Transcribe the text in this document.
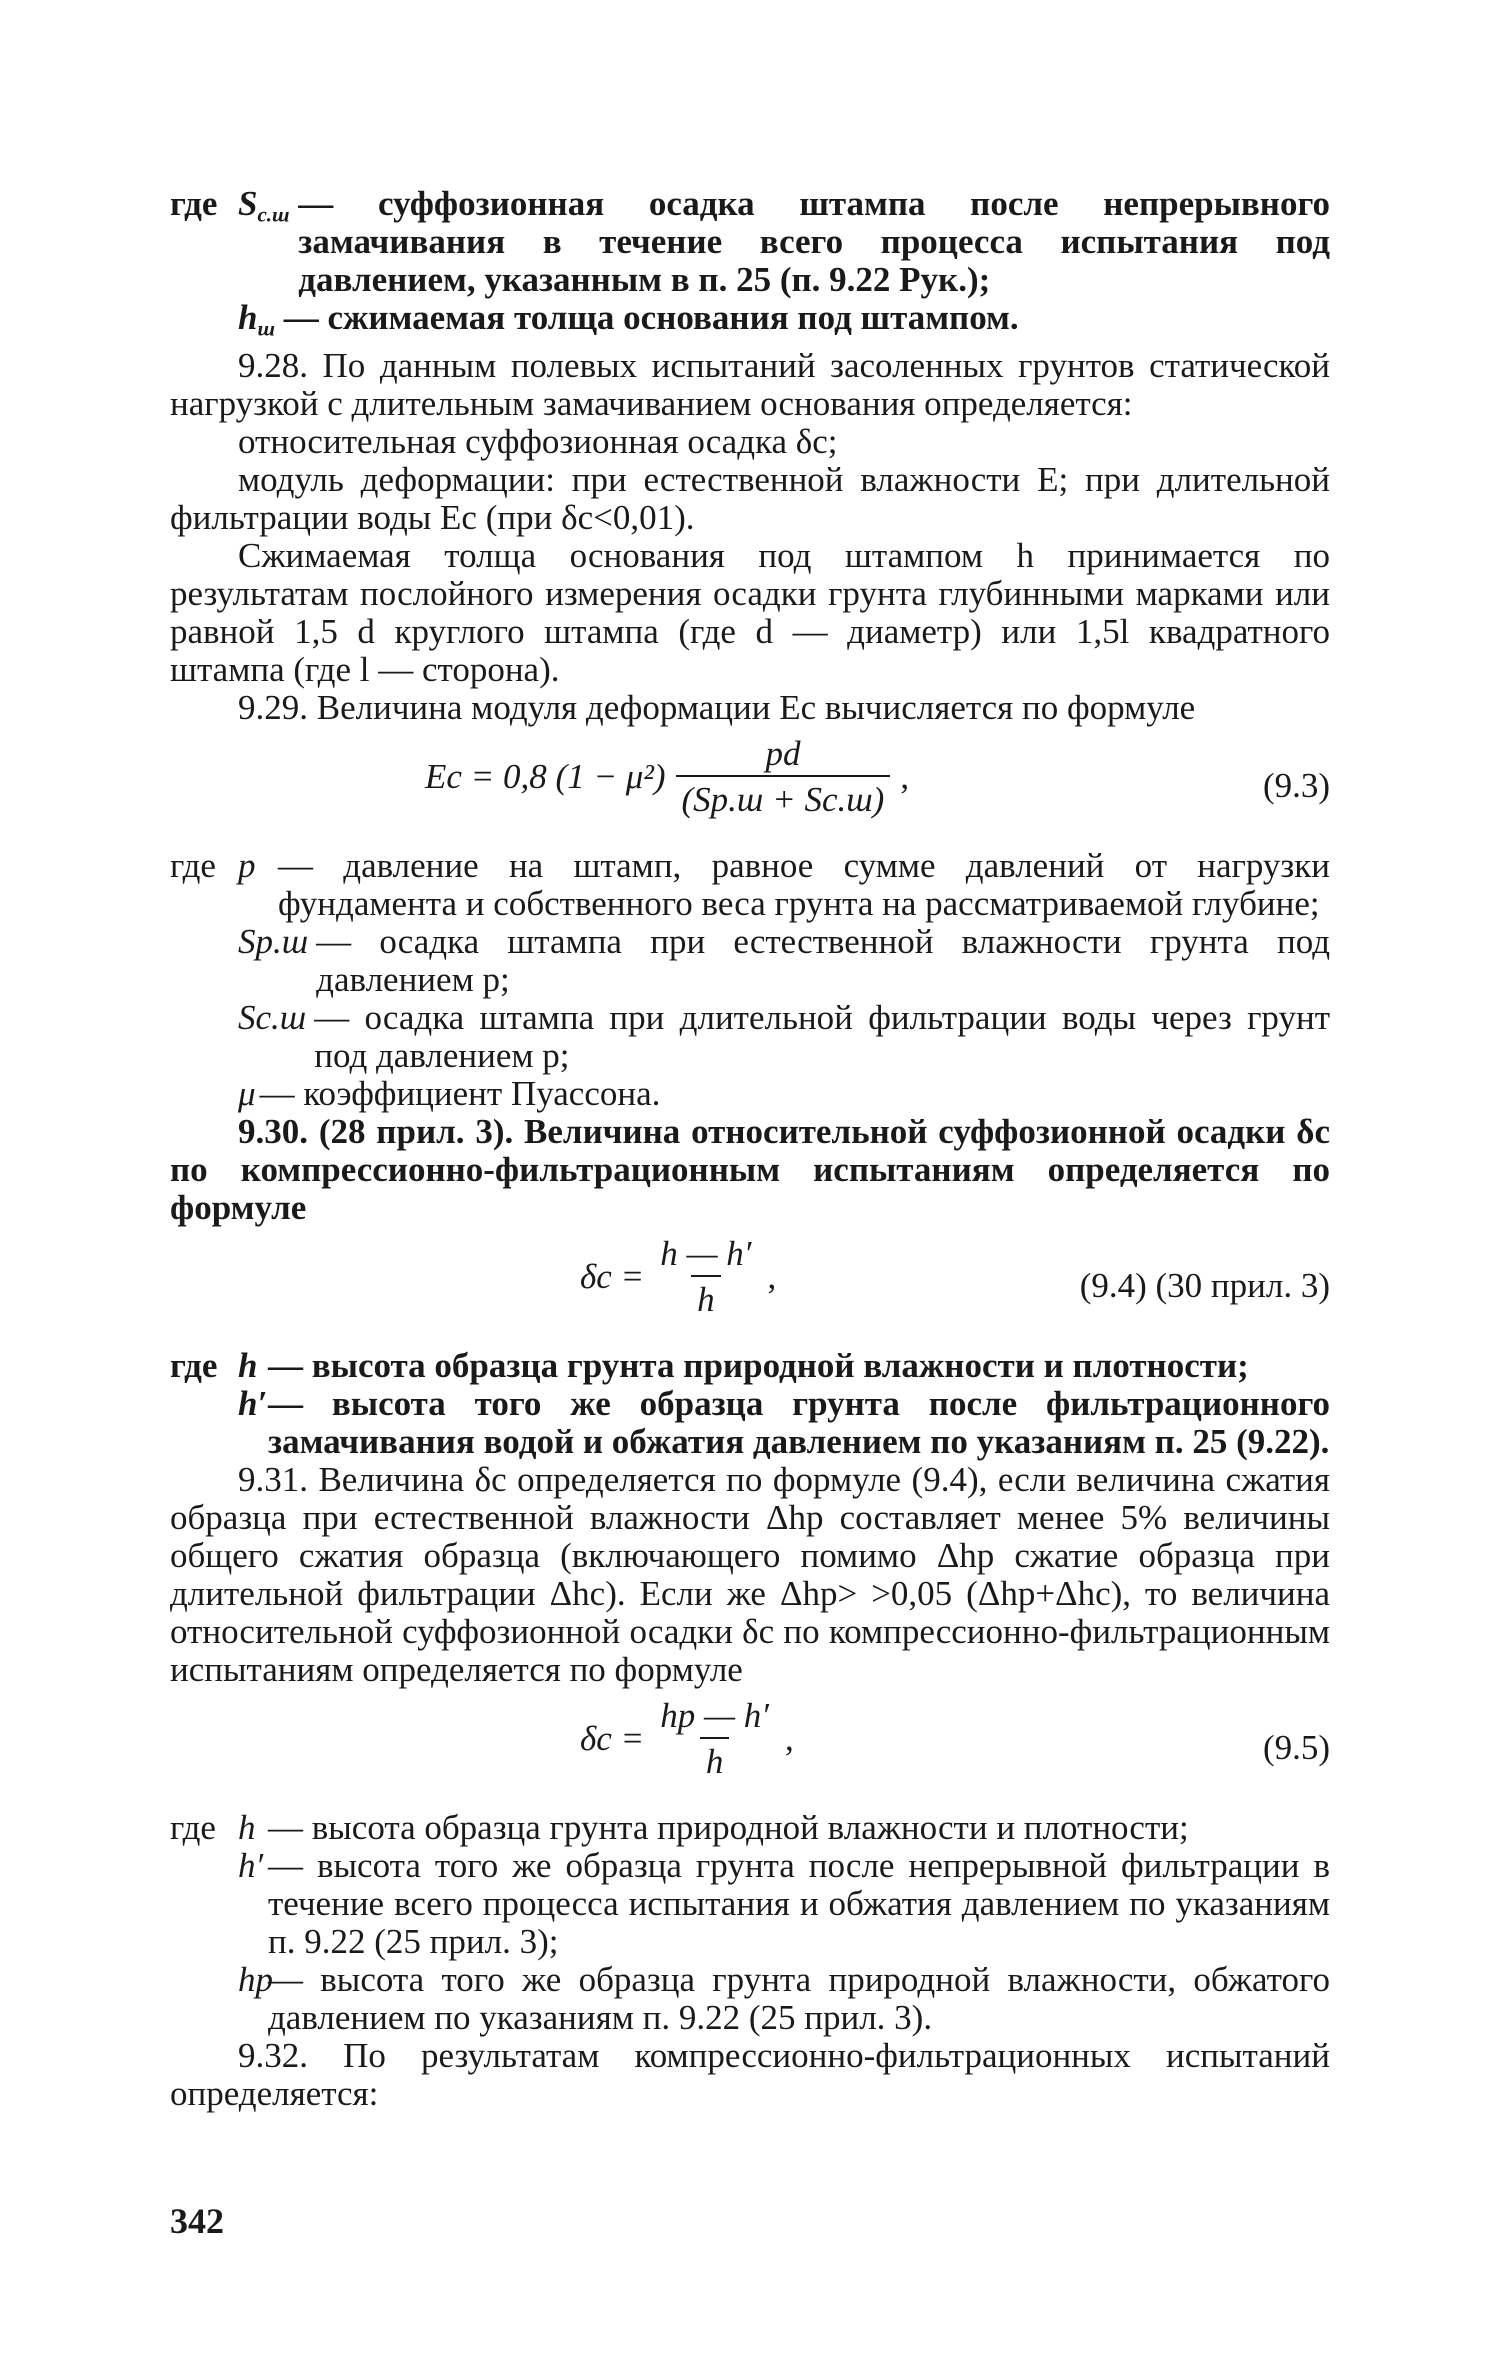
где $S_{с.ш}$ — суффозионная осадка штампа после непрерывного замачивания в течение всего процесса испытания под давлением, указанным в п. 25 (п. 9.22 Рук.);
$h_ш$ — сжимаемая толща основания под штампом.

9.28. По данным полевых испытаний засоленных грунтов статической нагрузкой с длительным замачиванием основания определяется:

относительная суффозионная осадка δс;

модуль деформации: при естественной влажности E; при длительной фильтрации воды Ec (при δc<0,01).

Сжимаемая толща основания под штампом h принимается по результатам послойного измерения осадки грунта глубинными марками или равной 1,5 d круглого штампа (где d — диаметр) или 1,5l квадратного штампа (где l — сторона).

9.29. Величина модуля деформации Ec вычисляется по формуле

Ec = 0,8 $(1 - \mu^2) \frac{pd}{(Sр.ш + Sс.ш)}$ ,	(9.3)
где p — давление на штамп, равное сумме давлений от нагрузки фундамента и собственного веса грунта на рассматриваемой глубине;
Sр.ш — осадка штампа при естественной влажности грунта под давлением p;
Sс.ш — осадка штампа при длительной фильтрации воды через грунт под давлением p;
μ — коэффициент Пуассона.

9.30. (28 прил. 3). Величина относительной суффозионной осадки δc по компрессионно-фильтрационным испытаниям определяется по формуле

$\delta c = \frac{h — h'}{h}$ ,	(9.4) (30 прил. 3)
где h — высота образца грунта природной влажности и плотности;
h′ — высота того же образца грунта после фильтрационного замачивания водой и обжатия давлением по указаниям п. 25 (9.22).

9.31. Величина δc определяется по формуле (9.4), если величина сжатия образца при естественной влажности Δhр составляет менее 5% величины общего сжатия образца (включающего помимо Δhр сжатие образца при длительной фильтрации Δhc). Если же Δhр> >0,05 (Δhр+Δhc), то величина относительной суффозионной осадки δc по компрессионно-фильтрационным испытаниям определяется по формуле

$\delta c = \frac{hр — h'}{h}$ ,	(9.5)
где h — высота образца грунта природной влажности и плотности;
h′ — высота того же образца грунта после непрерывной фильтрации в течение всего процесса испытания и обжатия давлением по указаниям п. 9.22 (25 прил. 3);
hр
— высота того же образца грунта природной влажности, обжатого давлением по указаниям п. 9.22 (25 прил. 3).

9.32. По результатам компрессионно-фильтрационных испытаний определяется:

342
